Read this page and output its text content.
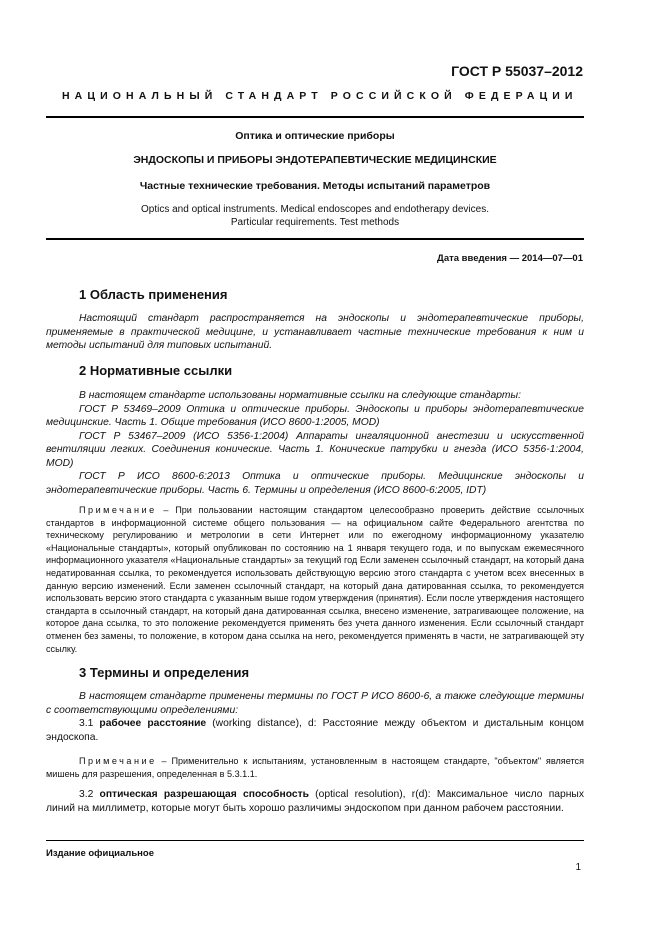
ГОСТ Р 55037–2012
НАЦИОНАЛЬНЫЙ СТАНДАРТ РОССИЙСКОЙ ФЕДЕРАЦИИ
Оптика и оптические приборы
ЭНДОСКОПЫ И ПРИБОРЫ ЭНДОТЕРАПЕВТИЧЕСКИЕ МЕДИЦИНСКИЕ
Частные технические требования. Методы испытаний параметров
Optics and optical instruments. Medical endoscopes and endotherapy devices.
Particular requirements. Test methods
Дата введения — 2014—07—01
1 Область применения

Настоящий стандарт распространяется на эндоскопы и эндотерапевтические приборы, применяемые в практической медицине, и устанавливает частные технические требования к ним и методы испытаний для типовых испытаний.

2 Нормативные ссылки

В настоящем стандарте использованы нормативные ссылки на следующие стандарты:

ГОСТ Р 53469–2009 Оптика и оптические приборы. Эндоскопы и приборы эндотерапевтические медицинские. Часть 1. Общие требования (ИСО 8600-1:2005, MOD)

ГОСТ Р 53467–2009 (ИСО 5356-1:2004) Аппараты ингаляционной анестезии и искусственной вентиляции легких. Соединения конические. Часть 1. Конические патрубки и гнезда (ИСО 5356-1:2004, MOD)

ГОСТ Р ИСО 8600-6:2013 Оптика и оптические приборы. Медицинские эндоскопы и эндотерапевтические приборы. Часть 6. Термины и определения (ИСО 8600-6:2005, IDT)

Примечание – При пользовании настоящим стандартом целесообразно проверить действие ссылочных стандартов в информационной системе общего пользования — на официальном сайте Федерального агентства по техническому регулированию и метрологии в сети Интернет или по ежегодному информационному указателю «Национальные стандарты», который опубликован по состоянию на 1 января текущего года, и по выпускам ежемесячного информационного указателя «Национальные стандарты» за текущий год Если заменен ссылочный стандарт, на который дана недатированная ссылка, то рекомендуется использовать действующую версию этого стандарта с учетом всех внесенных в данную версию изменений. Если заменен ссылочный стандарт, на который дана датированная ссылка, то рекомендуется использовать версию этого стандарта с указанным выше годом утверждения (принятия). Если после утверждения настоящего стандарта в ссылочный стандарт, на который дана датированная ссылка, внесено изменение, затрагивающее положение, на которое дана ссылка, то это положение рекомендуется применять без учета данного изменения. Если ссылочный стандарт отменен без замены, то положение, в котором дана ссылка на него, рекомендуется применять в части, не затрагивающей эту ссылку.

3 Термины и определения

В настоящем стандарте применены термины по ГОСТ Р ИСО 8600-6, а также следующие термины с соответствующими определениями:

3.1 рабочее расстояние (working distance), d: Расстояние между объектом и дистальным концом эндоскопа.

Примечание – Применительно к испытаниям, установленным в настоящем стандарте, "объектом" является мишень для разрешения, определенная в 5.3.1.1.

3.2 оптическая разрешающая способность (optical resolution), r(d): Максимальное число парных линий на миллиметр, которые могут быть хорошо различимы эндоскопом при данном рабочем расстоянии.

Издание официальное
1
